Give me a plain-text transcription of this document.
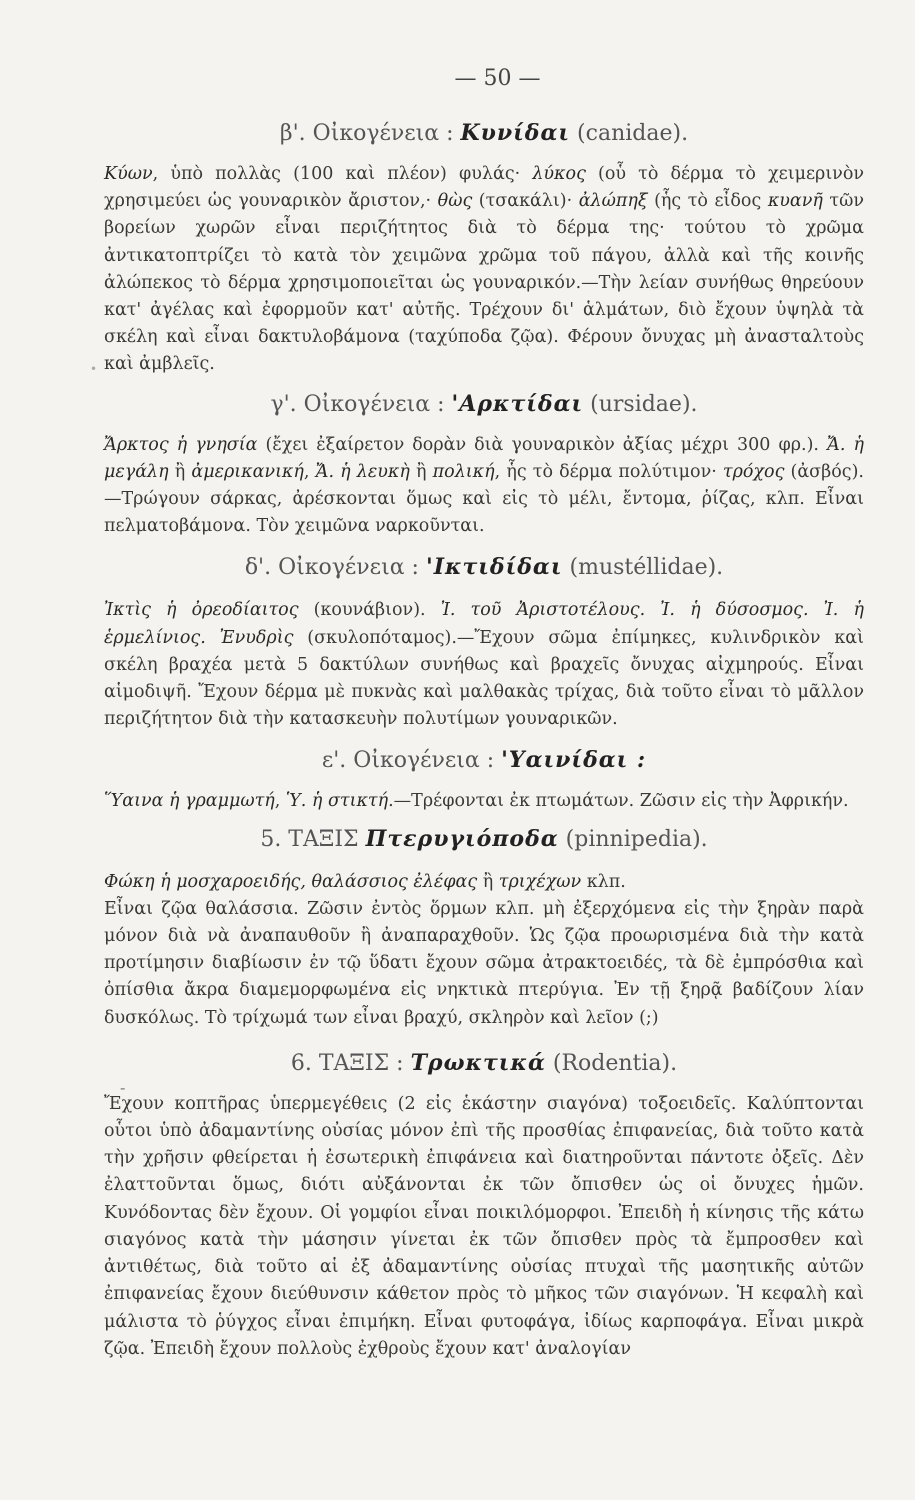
— 50 —
•
-

β'. Οἰκογένεια : Κυνίδαι (canidae).

Κύων, ὑπὸ πολλὰς (100 καὶ πλέον) φυλάς· λύκος (οὗ τὸ δέρμα τὸ χειμερινὸν χρησιμεύει ὡς γουναρικὸν ἄριστον,· θὼς (τσακάλι)· ἀλώπηξ (ἧς τὸ εἶδος κυανῆ τῶν βορείων χωρῶν εἶναι περιζήτητος διὰ τὸ δέρμα της· τούτου τὸ χρῶμα ἀντικατοπτρίζει τὸ κατὰ τὸν χειμῶνα χρῶμα τοῦ πάγου, ἀλλὰ καὶ τῆς κοινῆς ἀλώπεκος τὸ δέρμα χρησιμοποιεῖται ὡς γουναρικόν.—Τὴν λείαν συνήθως θηρεύουν κατ' ἀγέλας καὶ ἐφορμοῦν κατ' αὐτῆς. Τρέχουν δι' ἁλμάτων, διὸ ἔχουν ὑψηλὰ τὰ σκέλη καὶ εἶναι δακτυλοβάμονα (ταχύποδα ζῷα). Φέρουν ὄνυχας μὴ ἀνασταλτοὺς καὶ ἀμβλεῖς.

γ'. Οἰκογένεια : 'Αρκτίδαι (ursidae).

Ἄρκτος ἡ γνησία (ἔχει ἐξαίρετον δορὰν διὰ γουναρικὸν ἀξίας μέχρι 300 φρ.). Ἄ. ἡ μεγάλη ἢ ἀμερικανική, Ἄ. ἡ λευκὴ ἢ πολική, ἧς τὸ δέρμα πολύτιμον· τρόχος (ἀσβός).—Τρώγουν σάρκας, ἀρέσκονται ὅμως καὶ εἰς τὸ μέλι, ἔντομα, ῥίζας, κλπ. Εἶναι πελματοβάμονα. Τὸν χειμῶνα ναρκοῦνται.

δ'. Οἰκογένεια : 'Ικτιδίδαι (mustéllidae).

Ἰκτὶς ἡ ὀρεοδίαιτος (κουνάβιον). Ἰ. τοῦ Ἀριστοτέλους. Ἰ. ἡ δύσοσμος. Ἰ. ἡ ἑρμελίνιος. Ἐνυδρὶς (σκυλοπόταμος).—Ἔχουν σῶμα ἐπίμηκες, κυλινδρικὸν καὶ σκέλη βραχέα μετὰ 5 δακτύλων συνήθως καὶ βραχεῖς ὄνυχας αἰχμηρούς. Εἶναι αἱμοδιψῆ. Ἔχουν δέρμα μὲ πυκνὰς καὶ μαλθακὰς τρίχας, διὰ τοῦτο εἶναι τὸ μᾶλλον περιζήτητον διὰ τὴν κατασκευὴν πολυτίμων γουναρικῶν.

ε'. Οἰκογένεια : 'Υαινίδαι :

Ὕαινα ἡ γραμμωτή, Ὑ. ἡ στικτή.—Τρέφονται ἐκ πτωμάτων. Ζῶσιν εἰς τὴν Ἀφρικήν.

5. ΤΑΞΙΣ Πτερυγιόποδα (pinnipedia).

Φώκη ἡ μοσχαροειδής, θαλάσσιος ἐλέφας ἢ τριχέχων κλπ.

Εἶναι ζῷα θαλάσσια. Ζῶσιν ἐντὸς ὅρμων κλπ. μὴ ἐξερχόμενα εἰς τὴν ξηρὰν παρὰ μόνον διὰ νὰ ἀναπαυθοῦν ἢ ἀναπαραχθοῦν. Ὡς ζῷα προωρισμένα διὰ τὴν κατὰ προτίμησιν διαβίωσιν ἐν τῷ ὕδατι ἔχουν σῶμα ἀτρακτοειδές, τὰ δὲ ἐμπρόσθια καὶ ὀπίσθια ἄκρα διαμεμορφωμένα εἰς νηκτικὰ πτερύγια. Ἐν τῇ ξηρᾷ βαδίζουν λίαν δυσκόλως. Τὸ τρίχωμά των εἶναι βραχύ, σκληρὸν καὶ λεῖον (;)

6. ΤΑΞΙΣ : Τρωκτικά (Rodentia).

Ἔχουν κοπτῆρας ὑπερμεγέθεις (2 εἰς ἑκάστην σιαγόνα) τοξοειδεῖς. Καλύπτονται οὗτοι ὑπὸ ἀδαμαντίνης οὐσίας μόνον ἐπὶ τῆς προσθίας ἐπιφανείας, διὰ τοῦτο κατὰ τὴν χρῆσιν φθείρεται ἡ ἐσωτερικὴ ἐπιφάνεια καὶ διατηροῦνται πάντοτε ὀξεῖς. Δὲν ἐλαττοῦνται ὅμως, διότι αὐξάνονται ἐκ τῶν ὄπισθεν ὡς οἱ ὄνυχες ἡμῶν. Κυνόδοντας δὲν ἔχουν. Οἱ γομφίοι εἶναι ποικιλόμορφοι. Ἐπειδὴ ἡ κίνησις τῆς κάτω σιαγόνος κατὰ τὴν μάσησιν γίνεται ἐκ τῶν ὄπισθεν πρὸς τὰ ἔμπροσθεν καὶ ἀντιθέτως, διὰ τοῦτο αἱ ἐξ ἀδαμαντίνης οὐσίας πτυχαὶ τῆς μασητικῆς αὐτῶν ἐπιφανείας ἔχουν διεύθυνσιν κάθετον πρὸς τὸ μῆκος τῶν σιαγόνων. Ἡ κεφαλὴ καὶ μάλιστα τὸ ῥύγχος εἶναι ἐπιμήκη. Εἶναι φυτοφάγα, ἰδίως καρποφάγα. Εἶναι μικρὰ ζῷα. Ἐπειδὴ ἔχουν πολλοὺς ἐχθροὺς ἔχουν κατ' ἀναλογίαν
